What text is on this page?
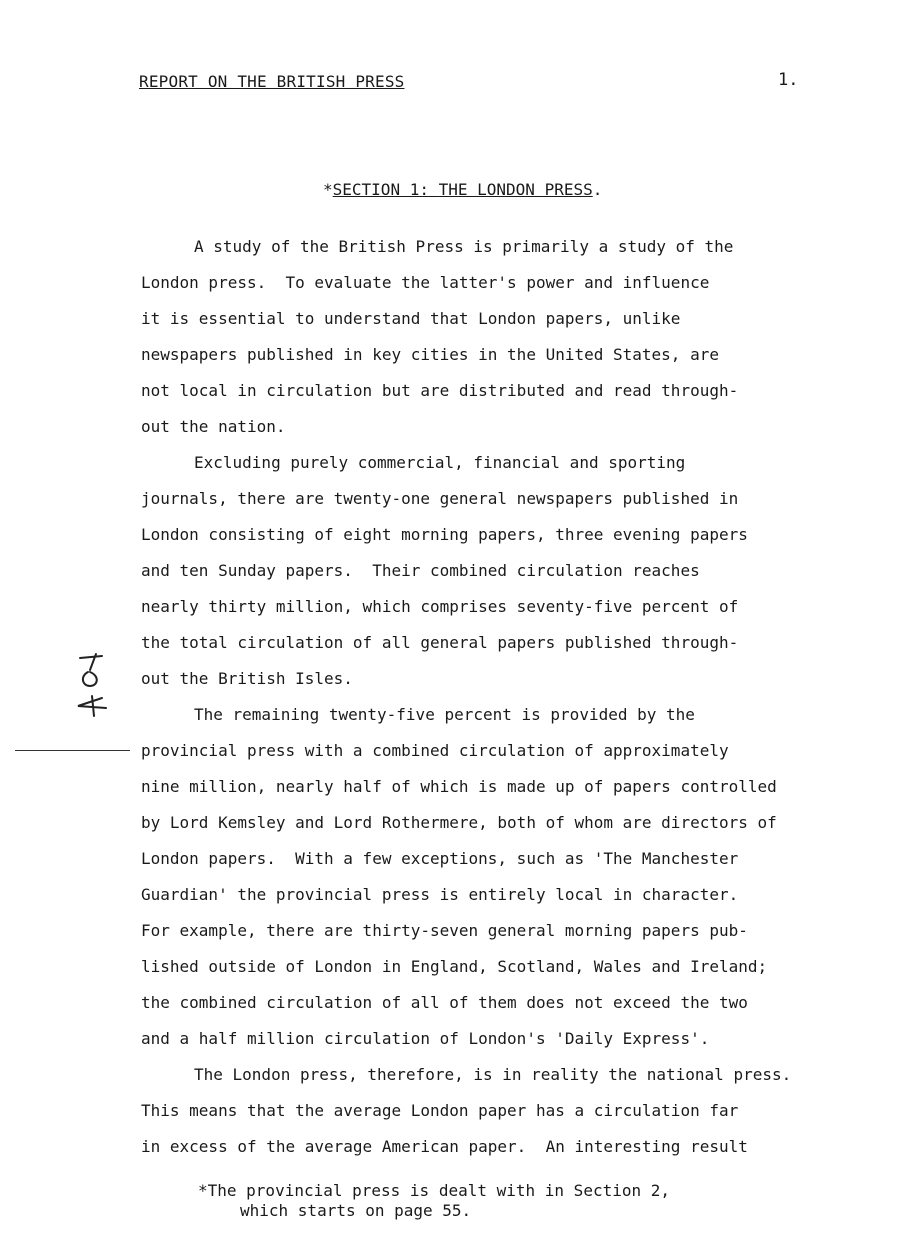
REPORT ON THE BRITISH PRESS	1.
*SECTION 1: THE LONDON PRESS.
A study of the British Press is primarily a study of the
London press.  To evaluate the latter's power and influence
it is essential to understand that London papers, unlike
newspapers published in key cities in the United States, are
not local in circulation but are distributed and read through-
out the nation.
Excluding purely commercial, financial and sporting
journals, there are twenty-one general newspapers published in
London consisting of eight morning papers, three evening papers
and ten Sunday papers.  Their combined circulation reaches
nearly thirty million, which comprises seventy-five percent of
the total circulation of all general papers published through-
out the British Isles.
The remaining twenty-five percent is provided by the
provincial press with a combined circulation of approximately
nine million, nearly half of which is made up of papers controlled
by Lord Kemsley and Lord Rothermere, both of whom are directors of
London papers.  With a few exceptions, such as 'The Manchester
Guardian' the provincial press is entirely local in character.
For example, there are thirty-seven general morning papers pub-
lished outside of London in England, Scotland, Wales and Ireland;
the combined circulation of all of them does not exceed the two
and a half million circulation of London's 'Daily Express'.
The London press, therefore, is in reality the national press.
This means that the average London paper has a circulation far
in excess of the average American paper.  An interesting result
*The provincial press is dealt with in Section 2,
which starts on page 55.
